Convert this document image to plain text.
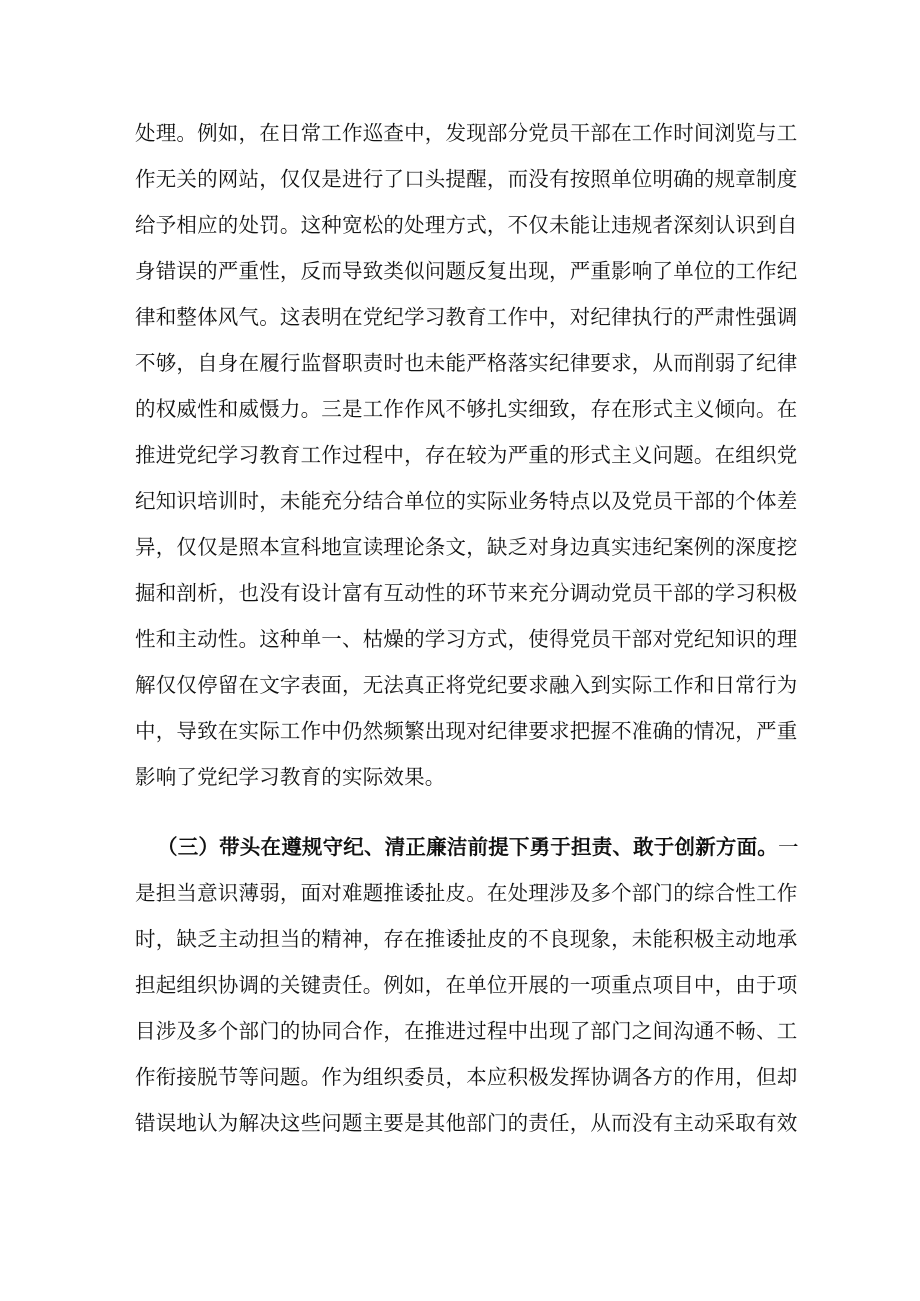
处理。例如，在日常工作巡查中，发现部分党员干部在工作时间浏览与工
作无关的网站，仅仅是进行了口头提醒，而没有按照单位明确的规章制度
给予相应的处罚。这种宽松的处理方式，不仅未能让违规者深刻认识到自
身错误的严重性，反而导致类似问题反复出现，严重影响了单位的工作纪
律和整体风气。这表明在党纪学习教育工作中，对纪律执行的严肃性强调
不够，自身在履行监督职责时也未能严格落实纪律要求，从而削弱了纪律
的权威性和威慑力。三是工作作风不够扎实细致，存在形式主义倾向。在
推进党纪学习教育工作过程中，存在较为严重的形式主义问题。在组织党
纪知识培训时，未能充分结合单位的实际业务特点以及党员干部的个体差
异，仅仅是照本宣科地宣读理论条文，缺乏对身边真实违纪案例的深度挖
掘和剖析，也没有设计富有互动性的环节来充分调动党员干部的学习积极
性和主动性。这种单一、枯燥的学习方式，使得党员干部对党纪知识的理
解仅仅停留在文字表面，无法真正将党纪要求融入到实际工作和日常行为
中，导致在实际工作中仍然频繁出现对纪律要求把握不准确的情况，严重
影响了党纪学习教育的实际效果。
（三）带头在遵规守纪、清正廉洁前提下勇于担责、敢于创新方面。一
是担当意识薄弱，面对难题推诿扯皮。在处理涉及多个部门的综合性工作
时，缺乏主动担当的精神，存在推诿扯皮的不良现象，未能积极主动地承
担起组织协调的关键责任。例如，在单位开展的一项重点项目中，由于项
目涉及多个部门的协同合作，在推进过程中出现了部门之间沟通不畅、工
作衔接脱节等问题。作为组织委员，本应积极发挥协调各方的作用，但却
错误地认为解决这些问题主要是其他部门的责任，从而没有主动采取有效
